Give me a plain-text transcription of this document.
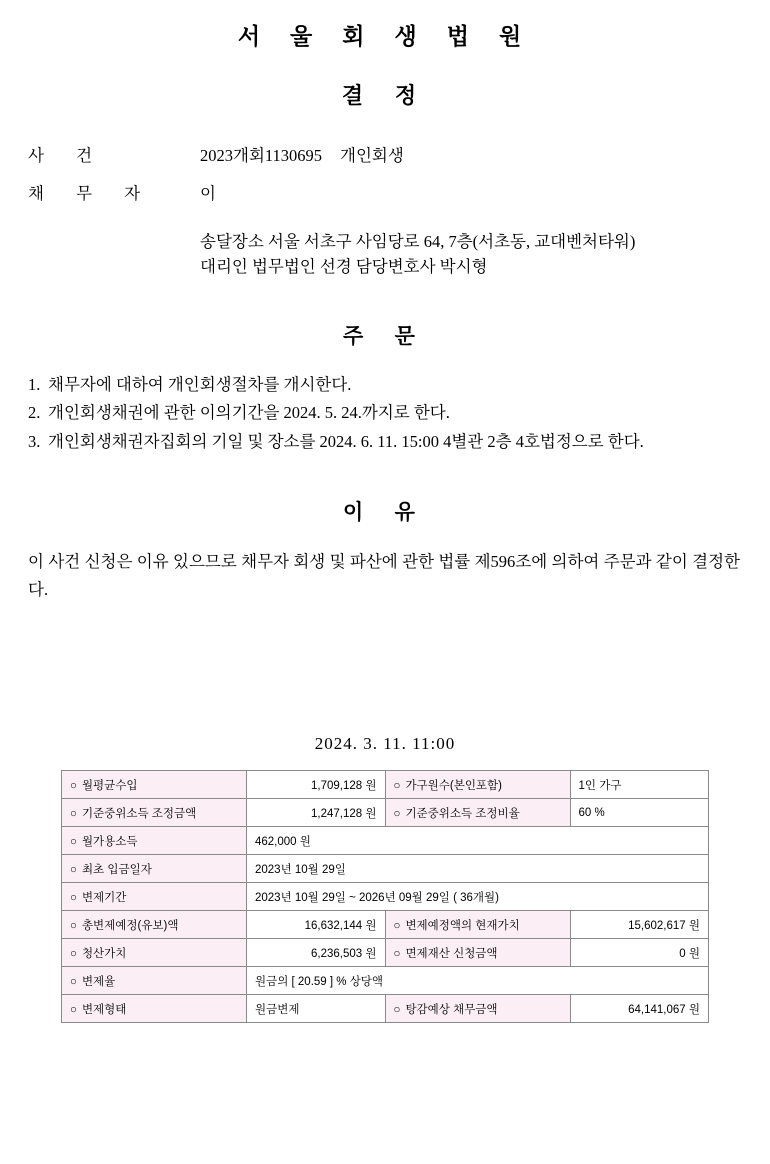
서 울 회 생 법 원
결 정
사 건	2023개회1130695 개인회생
채 무 자	이
송달장소 서울 서초구 사임당로 64, 7층(서초동, 교대벤처타워)
대리인 법무법인 선경 담당변호사 박시형
주 문
1. 채무자에 대하여 개인회생절차를 개시한다.
2. 개인회생채권에 관한 이의기간을 2024. 5. 24.까지로 한다.
3. 개인회생채권자집회의 기일 및 장소를 2024. 6. 11. 15:00 4별관 2층 4호법정으로 한다.
이 유

이 사건 신청은 이유 있으므로 채무자 회생 및 파산에 관한 법률 제596조에 의하여 주문과 같이 결정한다.

2024. 3. 11. 11:00
○ 월평균수입	1,709,128 원	○ 가구원수(본인포함)	1인 가구
○ 기준중위소득 조정금액	1,247,128 원	○ 기준중위소득 조정비율	60 %
○ 월가용소득	462,000 원		
○ 최초 입금일자	2023년 10월 29일		
○ 변제기간	2023년 10월 29일 ~ 2026년 09월 29일 ( 36개월)		
○ 총변제예정(유보)액	16,632,144 원	○ 변제예정액의 현재가치	15,602,617 원
○ 청산가치	6,236,503 원	○ 면제재산 신청금액	0 원
○ 변제율	원금의 [ 20.59 ] % 상당액		
○ 변제형태	원금변제	○ 탕감예상 채무금액	64,141,067 원
